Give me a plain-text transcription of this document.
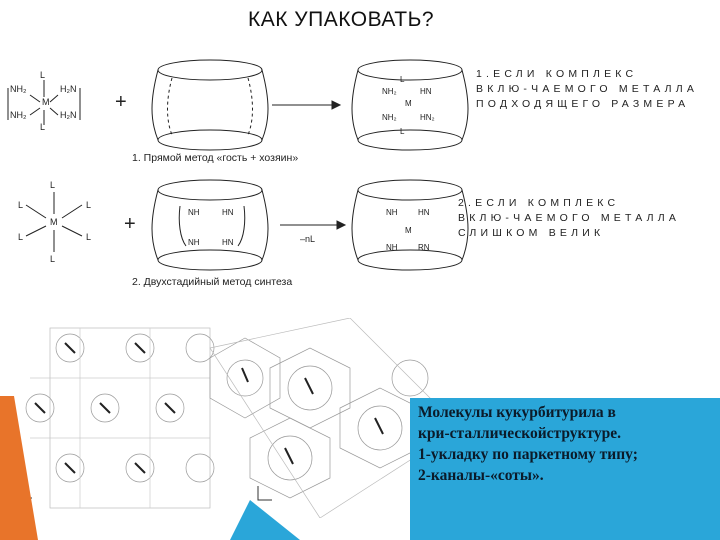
КАК УПАКОВАТЬ?
L
NH₂	H₂N
M
NH₂	H₂N
L
+
L
NH₂	HN
M
NH₂	HN₂
L
L
L	L
M
L	L
L
+
NH	HN
NH	HN	–nL
NH	HN
M
NH	RN
1.ЕСЛИ КОМПЛЕКС
ВКЛЮ-ЧАЕМОГО МЕТАЛЛА
ПОДХОДЯЩЕГО РАЗМЕРА
2.ЕСЛИ КОМПЛЕКС
ВКЛЮ-ЧАЕМОГО МЕТАЛЛА
СЛИШКОМ ВЕЛИК
1. Прямой метод «гость + хозяин»
2. Двухстадийный метод синтеза
Молекулы кукурбитурила в
кри-сталлическойструктуре.
1-укладку по паркетному типу;
2-каналы-«соты».
